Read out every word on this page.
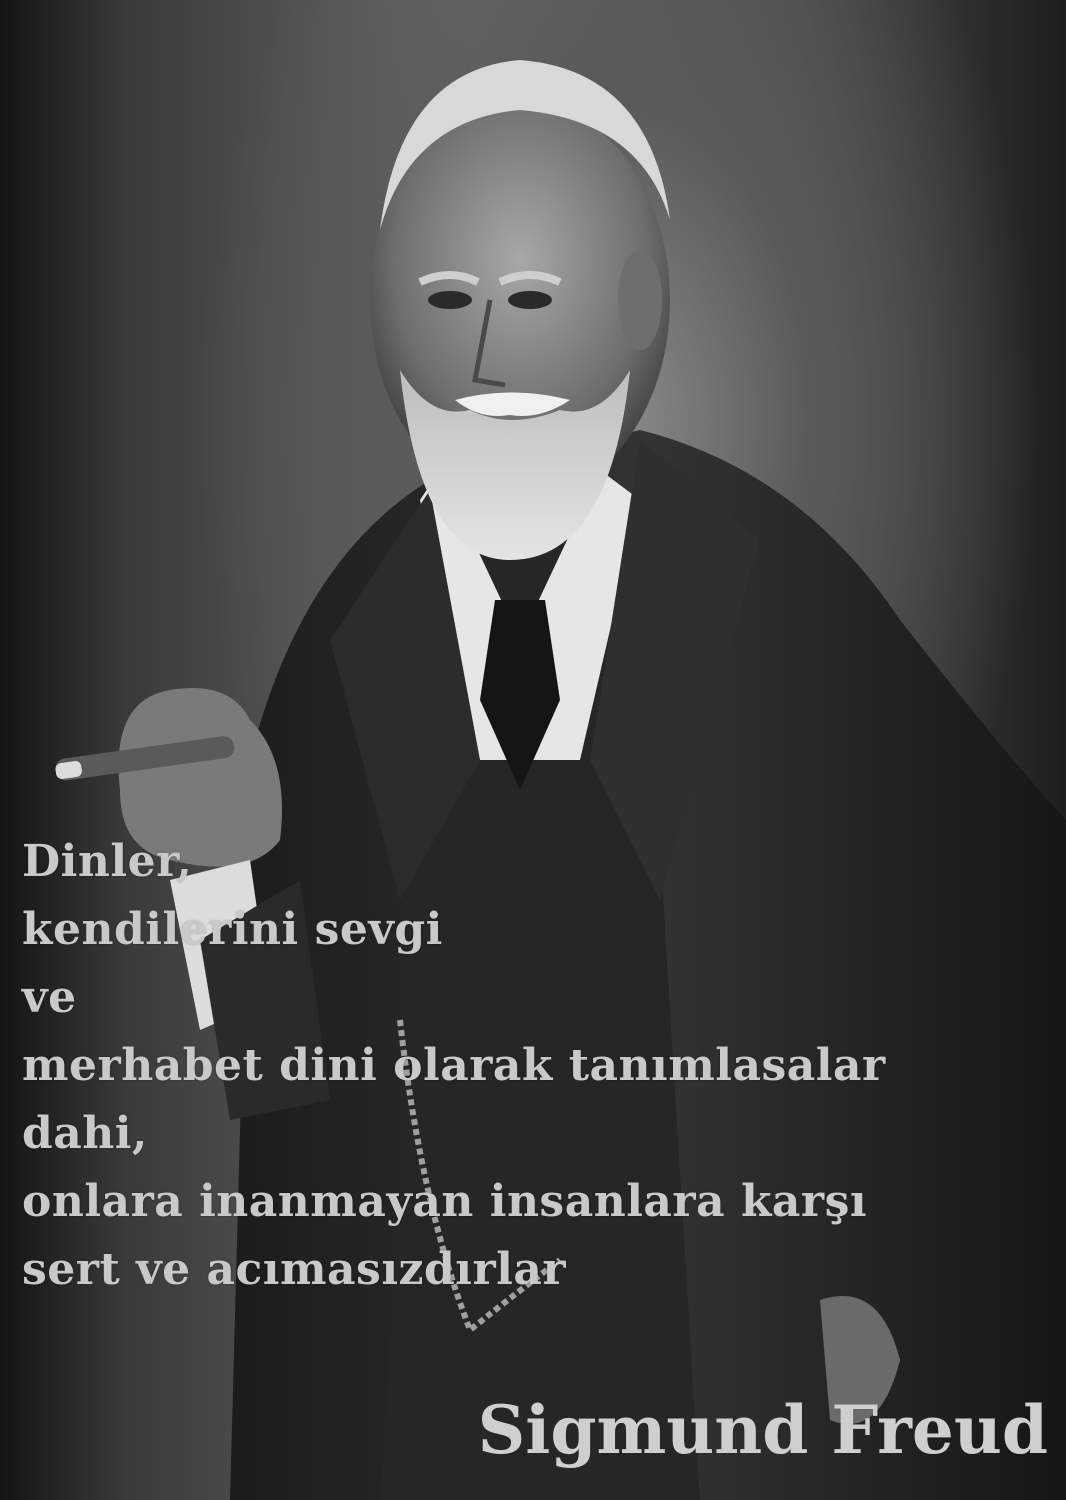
Dinler,
kendilerini sevgi
ve
merhabet dini olarak tanımlasalar
dahi,
onlara inanmayan insanlara karşı
sert ve acımasızdırlar
Sigmund Freud
